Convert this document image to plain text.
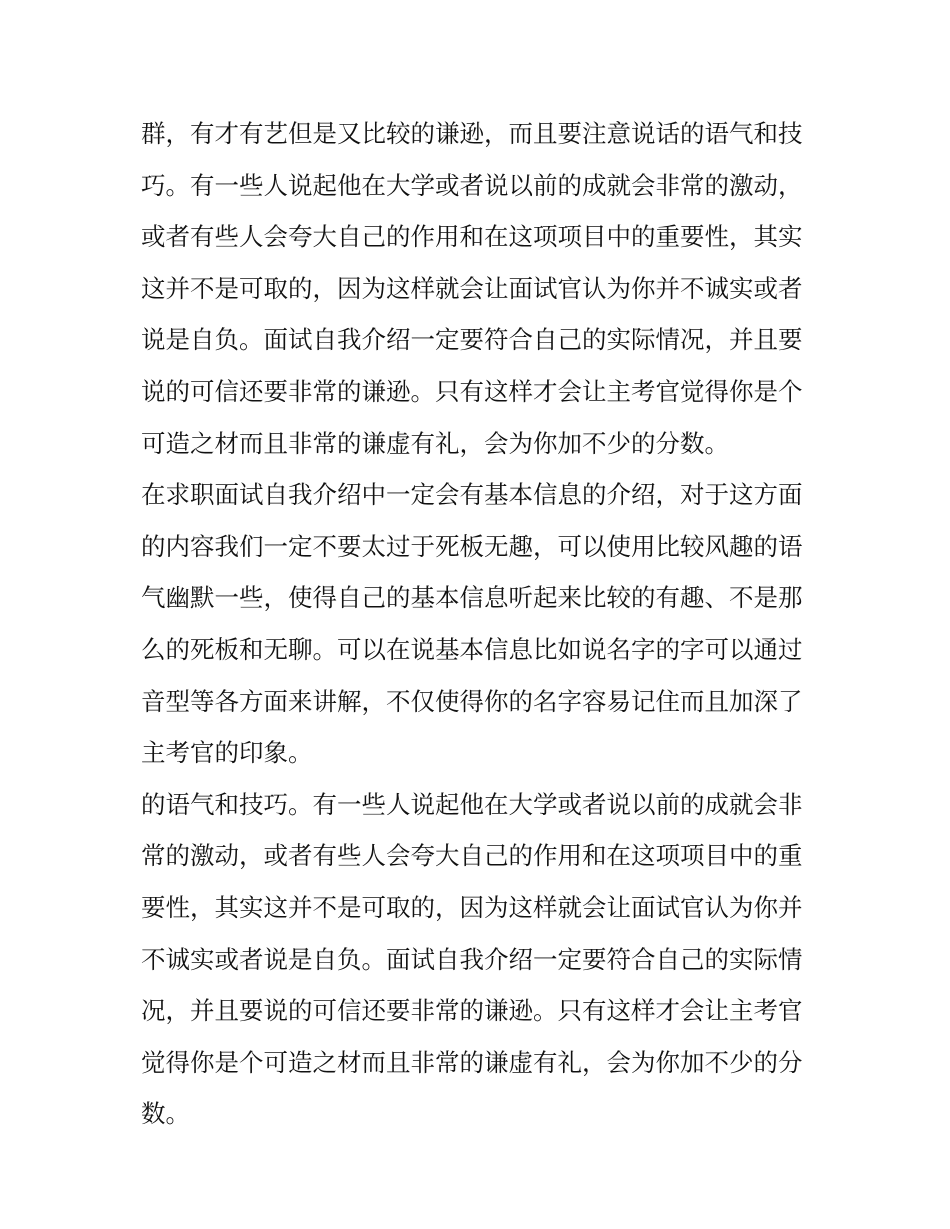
群，有才有艺但是又比较的谦逊，而且要注意说话的语气和技
巧。有一些人说起他在大学或者说以前的成就会非常的激动，
或者有些人会夸大自己的作用和在这项项目中的重要性，其实
这并不是可取的，因为这样就会让面试官认为你并不诚实或者
说是自负。面试自我介绍一定要符合自己的实际情况，并且要
说的可信还要非常的谦逊。只有这样才会让主考官觉得你是个
可造之材而且非常的谦虚有礼，会为你加不少的分数。
在求职面试自我介绍中一定会有基本信息的介绍，对于这方面
的内容我们一定不要太过于死板无趣，可以使用比较风趣的语
气幽默一些，使得自己的基本信息听起来比较的有趣、不是那
么的死板和无聊。可以在说基本信息比如说名字的字可以通过
音型等各方面来讲解，不仅使得你的名字容易记住而且加深了
主考官的印象。
的语气和技巧。有一些人说起他在大学或者说以前的成就会非
常的激动，或者有些人会夸大自己的作用和在这项项目中的重
要性，其实这并不是可取的，因为这样就会让面试官认为你并
不诚实或者说是自负。面试自我介绍一定要符合自己的实际情
况，并且要说的可信还要非常的谦逊。只有这样才会让主考官
觉得你是个可造之材而且非常的谦虚有礼，会为你加不少的分
数。
